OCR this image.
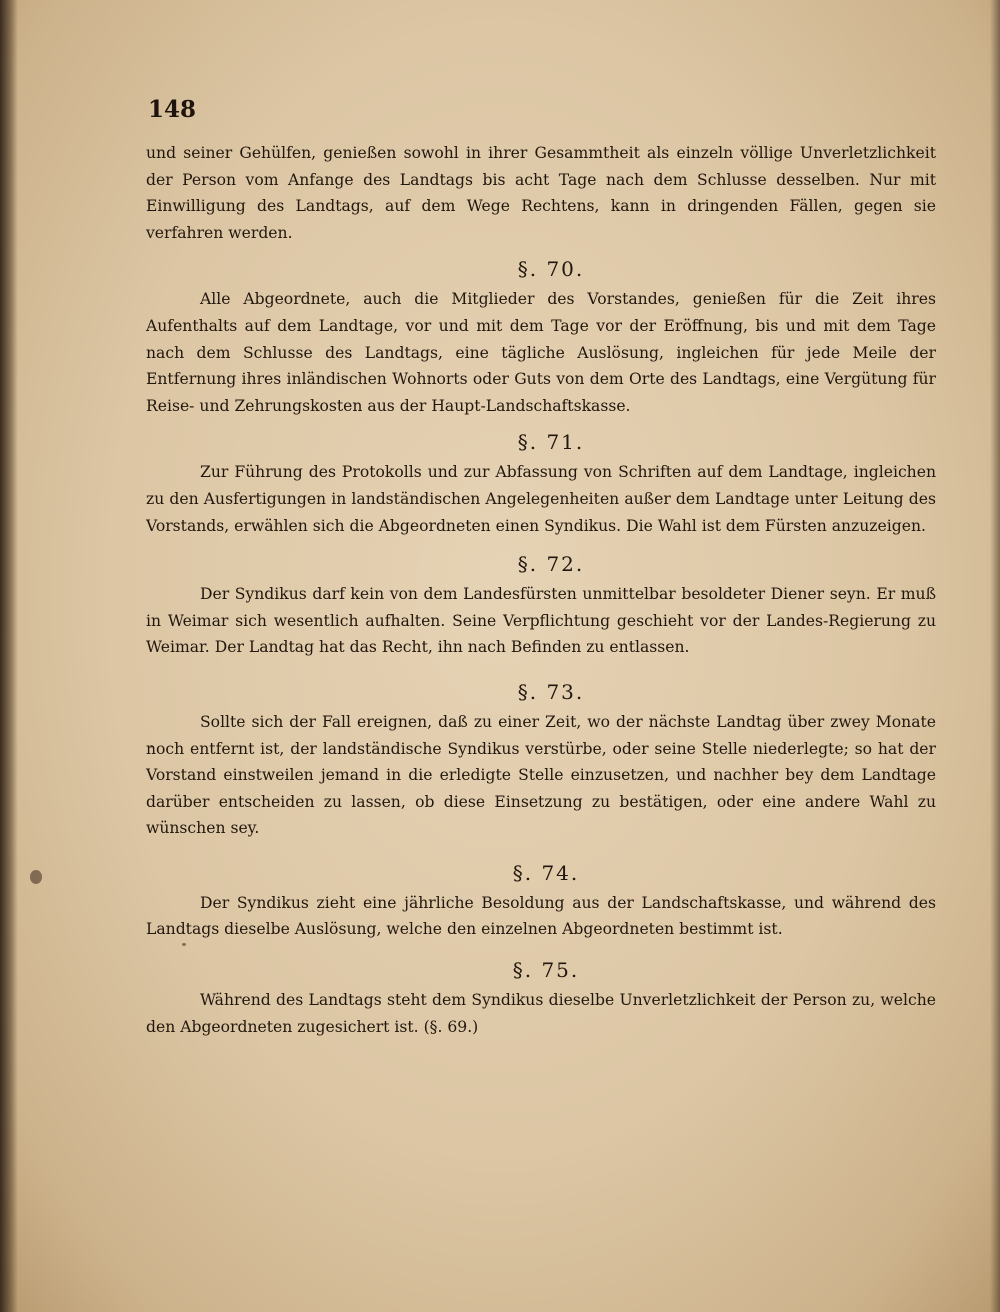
148

und seiner Gehülfen, genießen sowohl in ihrer Gesammtheit als einzeln völlige Unverletzlichkeit der Person vom Anfange des Landtags bis acht Tage nach dem Schlusse desselben. Nur mit Einwilligung des Landtags, auf dem Wege Rechtens, kann in dringenden Fällen, gegen sie verfahren werden.

§. 70.

Alle Abgeordnete, auch die Mitglieder des Vorstandes, genießen für die Zeit ihres Aufenthalts auf dem Landtage, vor und mit dem Tage vor der Eröffnung, bis und mit dem Tage nach dem Schlusse des Landtags, eine tägliche Auslösung, ingleichen für jede Meile der Entfernung ihres inländischen Wohnorts oder Guts von dem Orte des Landtags, eine Vergütung für Reise- und Zehrungskosten aus der Haupt-Landschaftskasse.

§. 71.

Zur Führung des Protokolls und zur Abfassung von Schriften auf dem Landtage, ingleichen zu den Ausfertigungen in landständischen Angelegenheiten außer dem Landtage unter Leitung des Vorstands, erwählen sich die Abgeordneten einen Syndikus. Die Wahl ist dem Fürsten anzuzeigen.

§. 72.

Der Syndikus darf kein von dem Landesfürsten unmittelbar besoldeter Diener seyn. Er muß in Weimar sich wesentlich aufhalten. Seine Verpflichtung geschieht vor der Landes-Regierung zu Weimar. Der Landtag hat das Recht, ihn nach Befinden zu entlassen.

§. 73.

Sollte sich der Fall ereignen, daß zu einer Zeit, wo der nächste Landtag über zwey Monate noch entfernt ist, der landständische Syndikus verstürbe, oder seine Stelle niederlegte; so hat der Vorstand einstweilen jemand in die erledigte Stelle einzusetzen, und nachher bey dem Landtage darüber entscheiden zu lassen, ob diese Einsetzung zu bestätigen, oder eine andere Wahl zu wünschen sey.

§. 74.

Der Syndikus zieht eine jährliche Besoldung aus der Landschaftskasse, und während des Landtags dieselbe Auslösung, welche den einzelnen Abgeordneten bestimmt ist.

§. 75.

Während des Landtags steht dem Syndikus dieselbe Unverletzlichkeit der Person zu, welche den Abgeordneten zugesichert ist. (§. 69.)
